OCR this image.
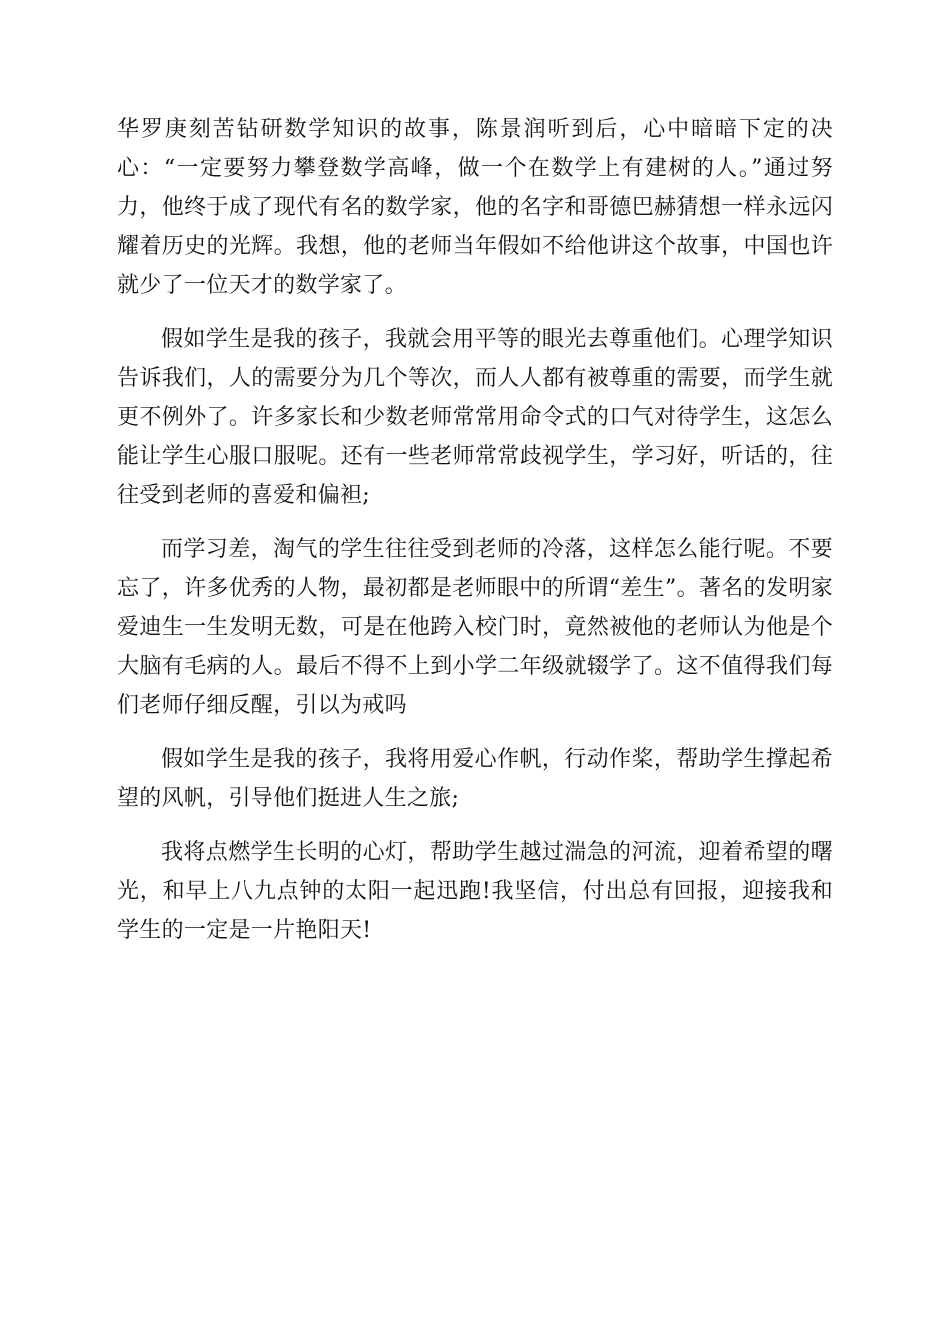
华罗庚刻苦钻研数学知识的故事，陈景润听到后，心中暗暗下定的决心：“一定要努力攀登数学高峰，做一个在数学上有建树的人。”通过努力，他终于成了现代有名的数学家，他的名字和哥德巴赫猜想一样永远闪耀着历史的光辉。我想，他的老师当年假如不给他讲这个故事，中国也许就少了一位天才的数学家了。

假如学生是我的孩子，我就会用平等的眼光去尊重他们。心理学知识告诉我们，人的需要分为几个等次，而人人都有被尊重的需要，而学生就更不例外了。许多家长和少数老师常常用命令式的口气对待学生，这怎么能让学生心服口服呢。还有一些老师常常歧视学生，学习好，听话的，往往受到老师的喜爱和偏袒;

而学习差，淘气的学生往往受到老师的冷落，这样怎么能行呢。不要忘了，许多优秀的人物，最初都是老师眼中的所谓“差生”。著名的发明家爱迪生一生发明无数，可是在他跨入校门时，竟然被他的老师认为他是个大脑有毛病的人。最后不得不上到小学二年级就辍学了。这不值得我们每们老师仔细反醒，引以为戒吗

假如学生是我的孩子，我将用爱心作帆，行动作桨，帮助学生撑起希望的风帆，引导他们挺进人生之旅;

我将点燃学生长明的心灯，帮助学生越过湍急的河流，迎着希望的曙光，和早上八九点钟的太阳一起迅跑!我坚信，付出总有回报，迎接我和学生的一定是一片艳阳天!
